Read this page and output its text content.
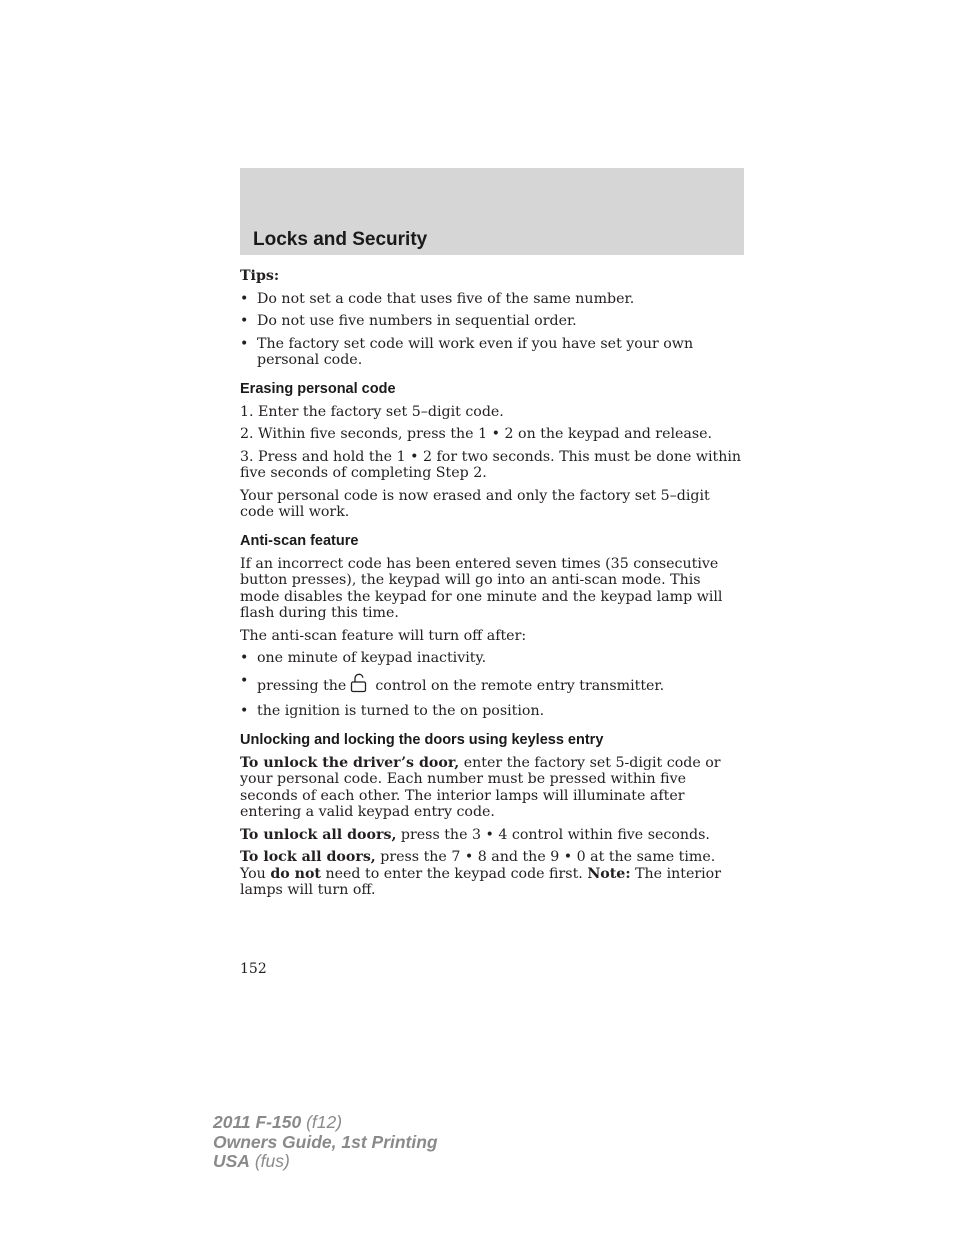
Locks and Security

Tips:

• Do not set a code that uses five of the same number.
• Do not use five numbers in sequential order.
• The factory set code will work even if you have set your own personal code.
Erasing personal code

1. Enter the factory set 5–digit code.

2. Within five seconds, press the 1 • 2 on the keypad and release.

3. Press and hold the 1 • 2 for two seconds. This must be done within five seconds of completing Step 2.

Your personal code is now erased and only the factory set 5–digit code will work.

Anti-scan feature

If an incorrect code has been entered seven times (35 consecutive button presses), the keypad will go into an anti-scan mode. This mode disables the keypad for one minute and the keypad lamp will flash during this time.

The anti-scan feature will turn off after:

• one minute of keypad inactivity.
• pressing the control on the remote entry transmitter.
• the ignition is turned to the on position.
Unlocking and locking the doors using keyless entry

To unlock the driver’s door, enter the factory set 5-digit code or your personal code. Each number must be pressed within five seconds of each other. The interior lamps will illuminate after entering a valid keypad entry code.

To unlock all doors, press the 3 • 4 control within five seconds.

To lock all doors, press the 7 • 8 and the 9 • 0 at the same time. You do not need to enter the keypad code first. Note: The interior lamps will turn off.

152
2011 F-150 (f12)
Owners Guide, 1st Printing
USA (fus)
